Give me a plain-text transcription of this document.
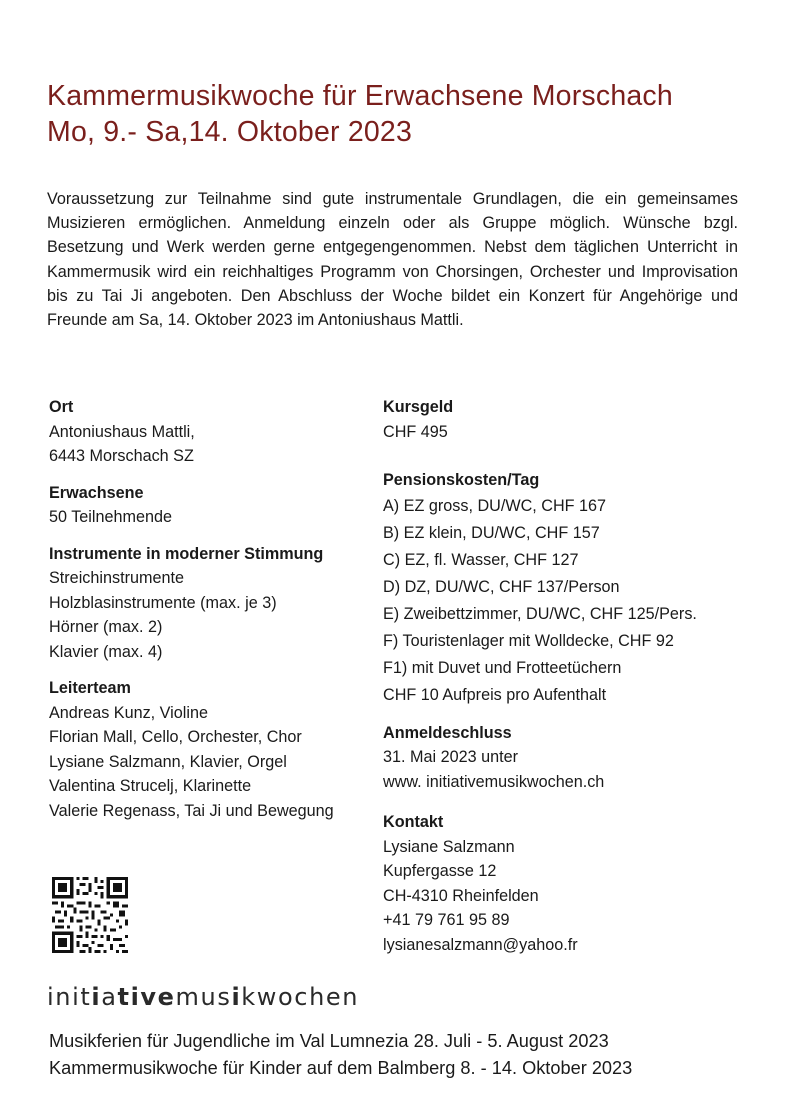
Kammermusikwoche für Erwachsene Morschach
Mo, 9.- Sa,14. Oktober 2023

Voraussetzung zur Teilnahme sind gute instrumentale Grundlagen, die ein gemeinsames Musizieren ermöglichen. Anmeldung einzeln oder als Gruppe möglich. Wünsche bzgl. Besetzung und Werk werden gerne entgegengenommen. Nebst dem täglichen Unterricht in Kammermusik wird ein reichhaltiges Programm von Chorsingen, Orchester und Improvisation bis zu Tai Ji angeboten. Den Abschluss der Woche bildet ein Konzert für Angehörige und Freunde am Sa, 14. Oktober 2023 im Antoniushaus Mattli.

Ort
Antoniushaus Mattli,
6443 Morschach SZ
Erwachsene
50 Teilnehmende
Instrumente in moderner Stimmung
Streichinstrumente
Holzblasinstrumente (max. je 3)
Hörner (max. 2)
Klavier (max. 4)
Leiterteam
Andreas Kunz, Violine
Florian Mall, Cello, Orchester, Chor
Lysiane Salzmann, Klavier, Orgel
Valentina Strucelj, Klarinette
Valerie Regenass, Tai Ji und Bewegung
Kursgeld
CHF 495
Pensionskosten/Tag
A) EZ gross, DU/WC, CHF 167
B) EZ klein, DU/WC, CHF 157
C) EZ, fl. Wasser, CHF 127
D) DZ, DU/WC, CHF 137/Person
E) Zweibettzimmer, DU/WC, CHF 125/Pers.
F) Touristenlager mit Wolldecke, CHF 92
F1) mit Duvet und Frotteetüchern
CHF 10 Aufpreis pro Aufenthalt
Anmeldeschluss
31. Mai 2023 unter
www. initiativemusikwochen.ch
Kontakt
Lysiane Salzmann
Kupfergasse 12
CH-4310 Rheinfelden
+41 79 761 95 89
lysianesalzmann@yahoo.fr
initiativemusikwochen
Musikferien für Jugendliche im Val Lumnezia 28. Juli - 5. August 2023
Kammermusikwoche für Kinder auf dem Balmberg 8. - 14. Oktober 2023
